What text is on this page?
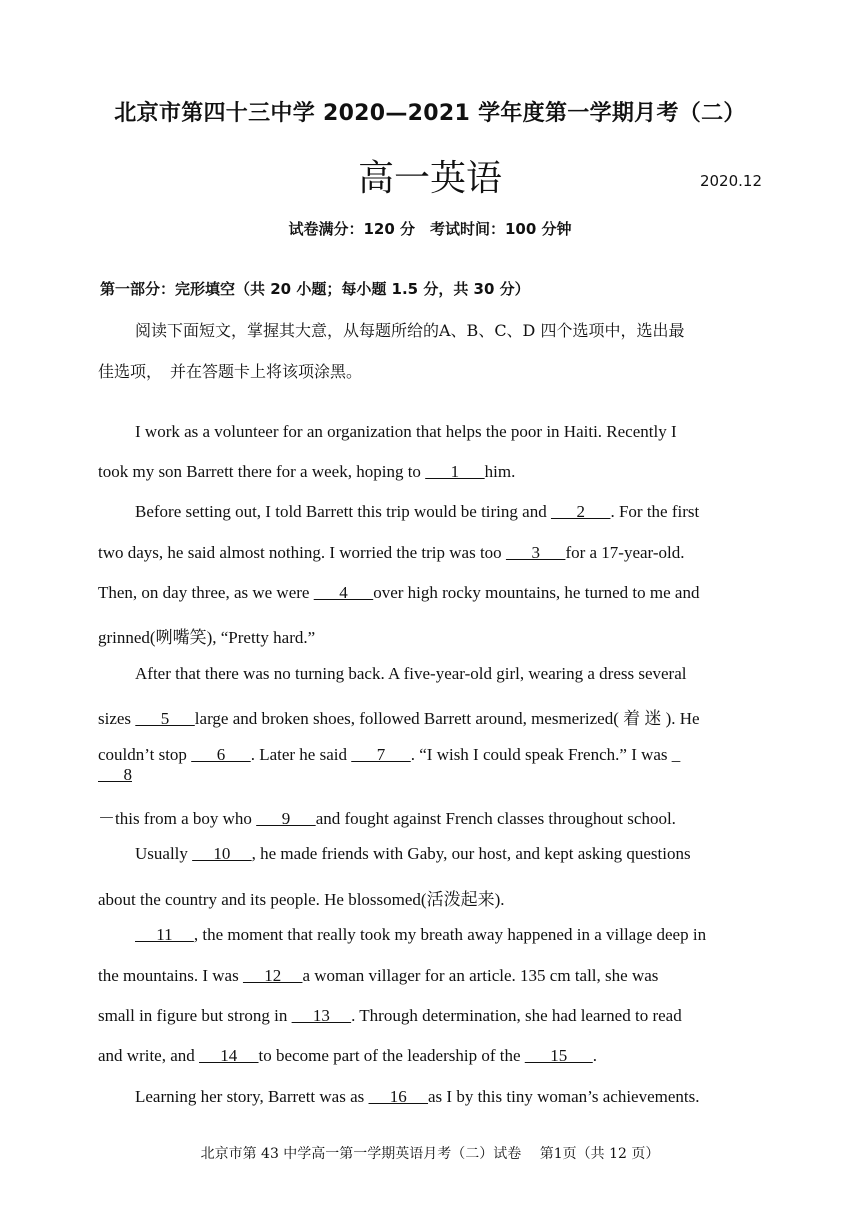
北京市第四十三中学 2020—2021 学年度第一学期月考（二）
高一英语	2020.12
试卷满分：120 分　考试时间：100 分钟
第一部分：完形填空（共 20 小题；每小题 1.5 分，共 30 分）
阅读下面短文，掌握其大意，从每题所给的A、B、C、D 四个选项中，选出最
佳选项，　并在答题卡上将该项涂黑。
I work as a volunteer for an organization that helps the poor in Haiti. Recently I
took my son Barrett there for a week, hoping to       1      him.
Before setting out, I told Barrett this trip would be tiring and       2      . For the first
two days, he said almost nothing. I worried the trip was too       3      for a 17-year-old.
Then, on day three, as we were       4      over high rocky mountains, he turned to me and
grinned(咧嘴笑), “Pretty hard.”
After that there was no turning back. A five-year-old girl, wearing a dress several
sizes       5      large and broken shoes, followed Barrett around, mesmerized( 着 迷 ). He
couldn’t stop       6      . Later he said       7      . “I wish I could speak French.” I was _
8
－this from a boy who       9      and fought against French classes throughout school.
Usually      10     , he made friends with Gaby, our host, and kept asking questions
about the country and its people. He blossomed(活泼起来).
11     , the moment that really took my breath away happened in a village deep in
the mountains. I was      12     a woman villager for an article. 135 cm tall, she was
small in figure but strong in      13     . Through determination, she had learned to read
and write, and      14     to become part of the leadership of the       15      .
Learning her story, Barrett was as      16     as I by this tiny woman’s achievements.
北京市第 43 中学高一第一学期英语月考（二）试卷　 第1页（共 12 页）
